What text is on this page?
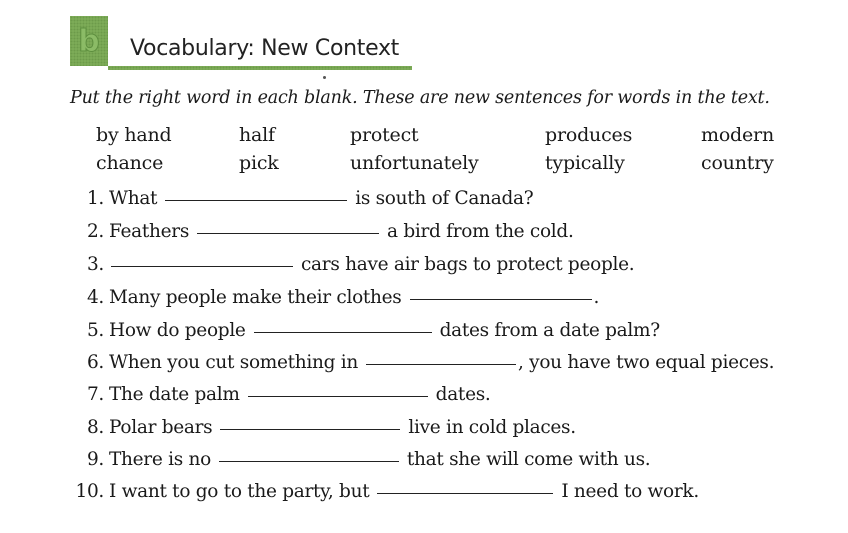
b	Vocabulary: New Context
Put the right word in each blank. These are new sentences for words in the text.
by hand	half	protect	produces	modern
chance	pick	unfortunately	typically	country
1. What	is south of Canada?
2. Feathers	a bird from the cold.
3.	cars have air bags to protect people.
4. Many people make their clothes	.
5. How do people	dates from a date palm?
6. When you cut something in	, you have two equal pieces.
7. The date palm	dates.
8. Polar bears	live in cold places.
9. There is no	that she will come with us.
10. I want to go to the party, but	I need to work.
